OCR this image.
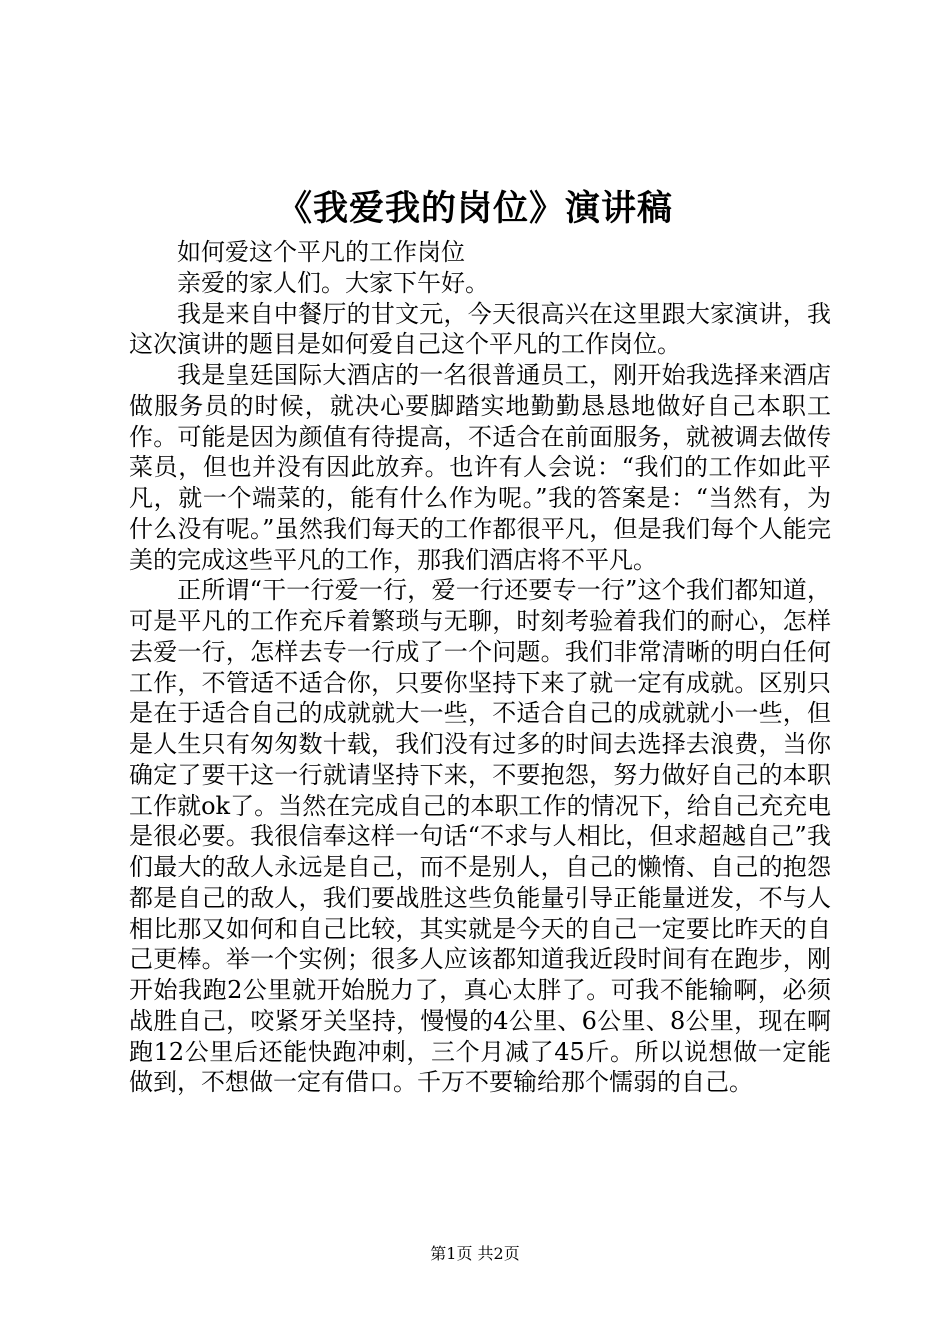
《我爱我的岗位》演讲稿

如何爱这个平凡的工作岗位

亲爱的家人们。大家下午好。

我是来自中餐厅的甘文元，今天很高兴在这里跟大家演讲，我这次演讲的题目是如何爱自己这个平凡的工作岗位。

我是皇廷国际大酒店的一名很普通员工，刚开始我选择来酒店做服务员的时候，就决心要脚踏实地勤勤恳恳地做好自己本职工作。可能是因为颜值有待提高，不适合在前面服务，就被调去做传菜员，但也并没有因此放弃。也许有人会说：“我们的工作如此平凡，就一个端菜的，能有什么作为呢。”我的答案是：“当然有，为什么没有呢。”虽然我们每天的工作都很平凡，但是我们每个人能完美的完成这些平凡的工作，那我们酒店将不平凡。

正所谓“干一行爱一行，爱一行还要专一行”这个我们都知道，可是平凡的工作充斥着繁琐与无聊，时刻考验着我们的耐心，怎样去爱一行，怎样去专一行成了一个问题。我们非常清晰的明白任何工作，不管适不适合你，只要你坚持下来了就一定有成就。区别只是在于适合自己的成就就大一些，不适合自己的成就就小一些，但是人生只有匆匆数十载，我们没有过多的时间去选择去浪费，当你确定了要干这一行就请坚持下来，不要抱怨，努力做好自己的本职工作就ok了。当然在完成自己的本职工作的情况下，给自己充充电是很必要。我很信奉这样一句话“不求与人相比，但求超越自己”我们最大的敌人永远是自己，而不是别人，自己的懒惰、自己的抱怨都是自己的敌人，我们要战胜这些负能量引导正能量迸发，不与人相比那又如何和自己比较，其实就是今天的自己一定要比昨天的自己更棒。举一个实例；很多人应该都知道我近段时间有在跑步，刚开始我跑2公里就开始脱力了，真心太胖了。可我不能输啊，必须战胜自己，咬紧牙关坚持，慢慢的4公里、6公里、8公里，现在啊跑12公里后还能快跑冲刺，三个月减了45斤。所以说想做一定能做到，不想做一定有借口。千万不要输给那个懦弱的自己。

第1页 共2页
